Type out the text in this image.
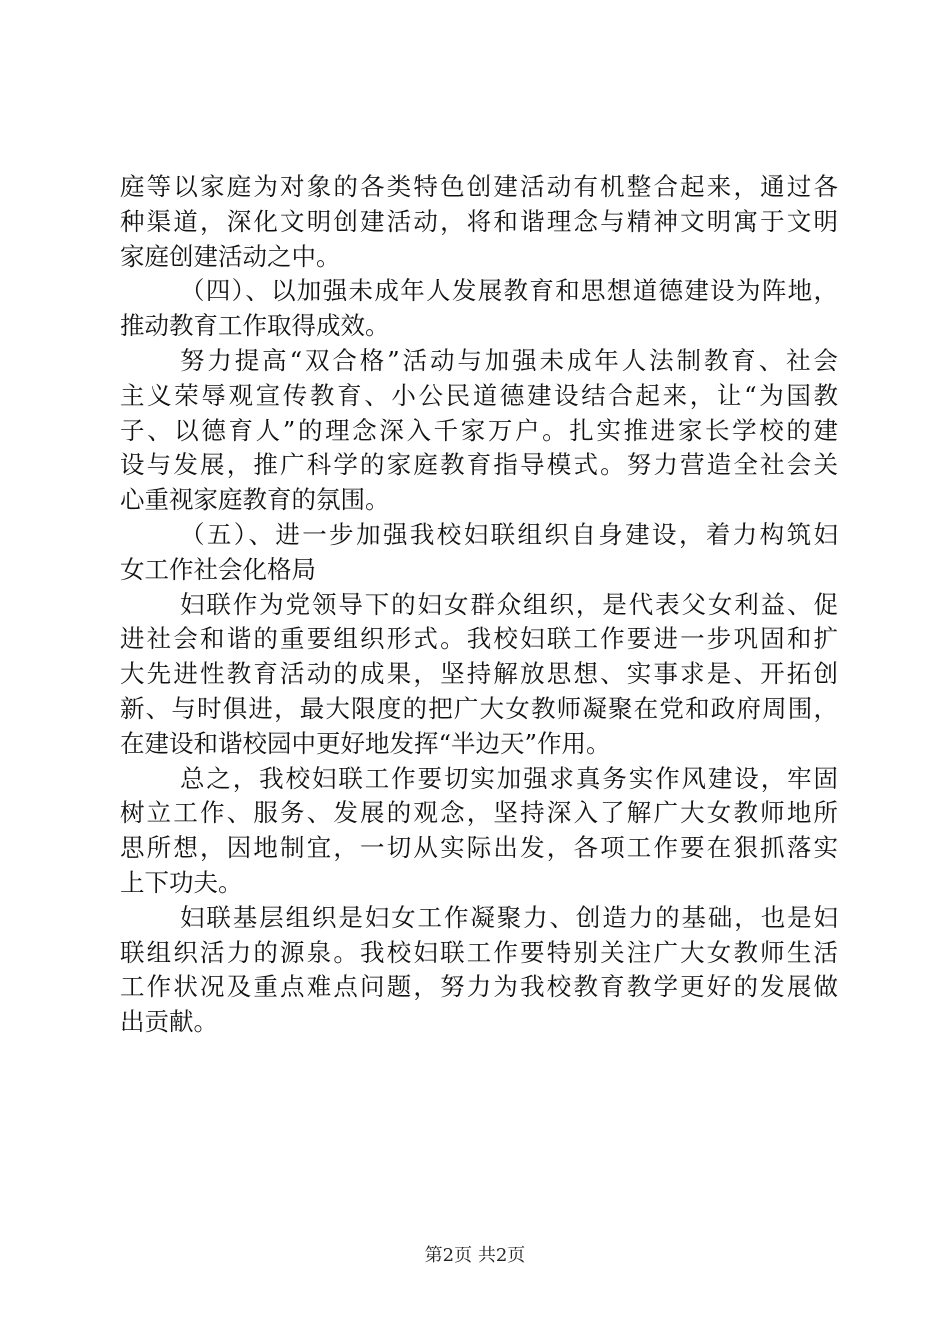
庭等以家庭为对象的各类特色创建活动有机整合起来，通过各
种渠道，深化文明创建活动，将和谐理念与精神文明寓于文明
家庭创建活动之中。
（四）、以加强未成年人发展教育和思想道德建设为阵地，
推动教育工作取得成效。
努力提高“双合格”活动与加强未成年人法制教育、社会
主义荣辱观宣传教育、小公民道德建设结合起来，让“为国教
子、以德育人”的理念深入千家万户。扎实推进家长学校的建
设与发展，推广科学的家庭教育指导模式。努力营造全社会关
心重视家庭教育的氛围。
（五）、进一步加强我校妇联组织自身建设，着力构筑妇
女工作社会化格局
妇联作为党领导下的妇女群众组织，是代表父女利益、促
进社会和谐的重要组织形式。我校妇联工作要进一步巩固和扩
大先进性教育活动的成果，坚持解放思想、实事求是、开拓创
新、与时俱进，最大限度的把广大女教师凝聚在党和政府周围，
在建设和谐校园中更好地发挥“半边天”作用。
总之，我校妇联工作要切实加强求真务实作风建设，牢固
树立工作、服务、发展的观念，坚持深入了解广大女教师地所
思所想，因地制宜，一切从实际出发，各项工作要在狠抓落实
上下功夫。
妇联基层组织是妇女工作凝聚力、创造力的基础，也是妇
联组织活力的源泉。我校妇联工作要特别关注广大女教师生活
工作状况及重点难点问题，努力为我校教育教学更好的发展做
出贡献。
第2页 共2页
